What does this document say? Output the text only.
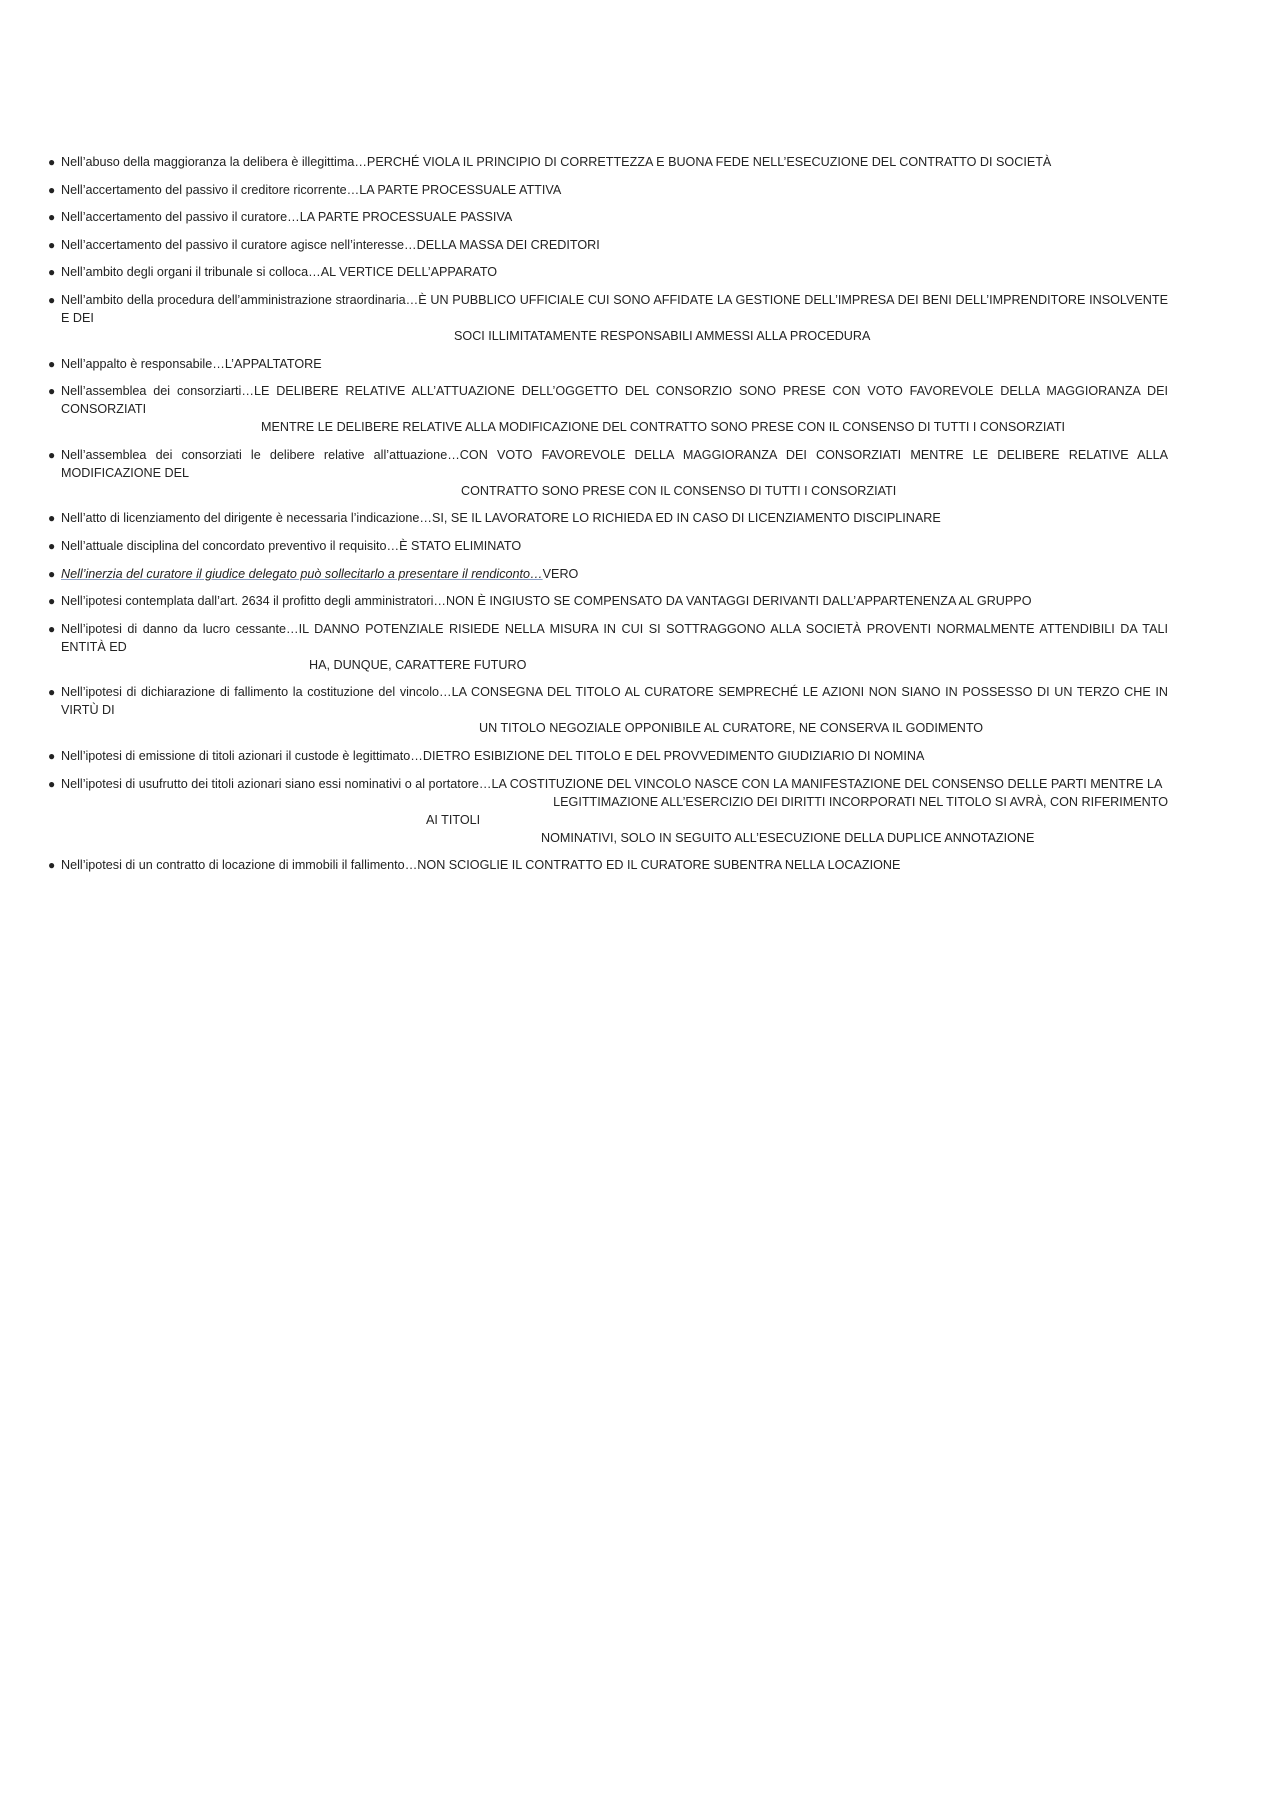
● Nell’abuso della maggioranza la delibera è illegittima…PERCHÉ VIOLA IL PRINCIPIO DI CORRETTEZZA E BUONA FEDE NELL’ESECUZIONE DEL CONTRATTO DI SOCIETÀ
● Nell’accertamento del passivo il creditore ricorrente…LA PARTE PROCESSUALE ATTIVA
● Nell’accertamento del passivo il curatore…LA PARTE PROCESSUALE PASSIVA
● Nell’accertamento del passivo il curatore agisce nell’interesse…DELLA MASSA DEI CREDITORI
● Nell’ambito degli organi il tribunale si colloca…AL VERTICE DELL’APPARATO
● Nell’ambito della procedura dell’amministrazione straordinaria…È UN PUBBLICO UFFICIALE CUI SONO AFFIDATE LA GESTIONE DELL’IMPRESA DEI BENI DELL’IMPRENDITORE INSOLVENTE E DEI
SOCI ILLIMITATAMENTE RESPONSABILI AMMESSI ALLA PROCEDURA
● Nell’appalto è responsabile…L’APPALTATORE
● Nell’assemblea dei consorziarti…LE DELIBERE RELATIVE ALL’ATTUAZIONE DELL’OGGETTO DEL CONSORZIO SONO PRESE CON VOTO FAVOREVOLE DELLA MAGGIORANZA DEI CONSORZIATI
MENTRE LE DELIBERE RELATIVE ALLA MODIFICAZIONE DEL CONTRATTO SONO PRESE CON IL CONSENSO DI TUTTI I CONSORZIATI
● Nell’assemblea dei consorziati le delibere relative all’attuazione…CON VOTO FAVOREVOLE DELLA MAGGIORANZA DEI CONSORZIATI MENTRE LE DELIBERE RELATIVE ALLA MODIFICAZIONE DEL
CONTRATTO SONO PRESE CON IL CONSENSO DI TUTTI I CONSORZIATI
● Nell’atto di licenziamento del dirigente è necessaria l’indicazione…SI, SE IL LAVORATORE LO RICHIEDA ED IN CASO DI LICENZIAMENTO DISCIPLINARE
● Nell’attuale disciplina del concordato preventivo il requisito…È STATO ELIMINATO
● Nell’inerzia del curatore il giudice delegato può sollecitarlo a presentare il rendiconto…VERO
● Nell’ipotesi contemplata dall’art. 2634 il profitto degli amministratori…NON È INGIUSTO SE COMPENSATO DA VANTAGGI DERIVANTI DALL’APPARTENENZA AL GRUPPO
● Nell’ipotesi di danno da lucro cessante…IL DANNO POTENZIALE RISIEDE NELLA MISURA IN CUI SI SOTTRAGGONO ALLA SOCIETÀ PROVENTI NORMALMENTE ATTENDIBILI DA TALI ENTITÀ ED
HA, DUNQUE, CARATTERE FUTURO
● Nell’ipotesi di dichiarazione di fallimento la costituzione del vincolo…LA CONSEGNA DEL TITOLO AL CURATORE SEMPRECHÉ LE AZIONI NON SIANO IN POSSESSO DI UN TERZO CHE IN VIRTÙ DI
UN TITOLO NEGOZIALE OPPONIBILE AL CURATORE, NE CONSERVA IL GODIMENTO
● Nell’ipotesi di emissione di titoli azionari il custode è legittimato…DIETRO ESIBIZIONE DEL TITOLO E DEL PROVVEDIMENTO GIUDIZIARIO DI NOMINA
● Nell’ipotesi di usufrutto dei titoli azionari siano essi nominativi o al portatore…LA COSTITUZIONE DEL VINCOLO NASCE CON LA MANIFESTAZIONE DEL CONSENSO DELLE PARTI MENTRE LA
LEGITTIMAZIONE ALL’ESERCIZIO DEI DIRITTI INCORPORATI NEL TITOLO SI AVRÀ, CON RIFERIMENTO
AI TITOLI
NOMINATIVI, SOLO IN SEGUITO ALL’ESECUZIONE DELLA DUPLICE ANNOTAZIONE
● Nell’ipotesi di un contratto di locazione di immobili il fallimento…NON SCIOGLIE IL CONTRATTO ED IL CURATORE SUBENTRA NELLA LOCAZIONE
